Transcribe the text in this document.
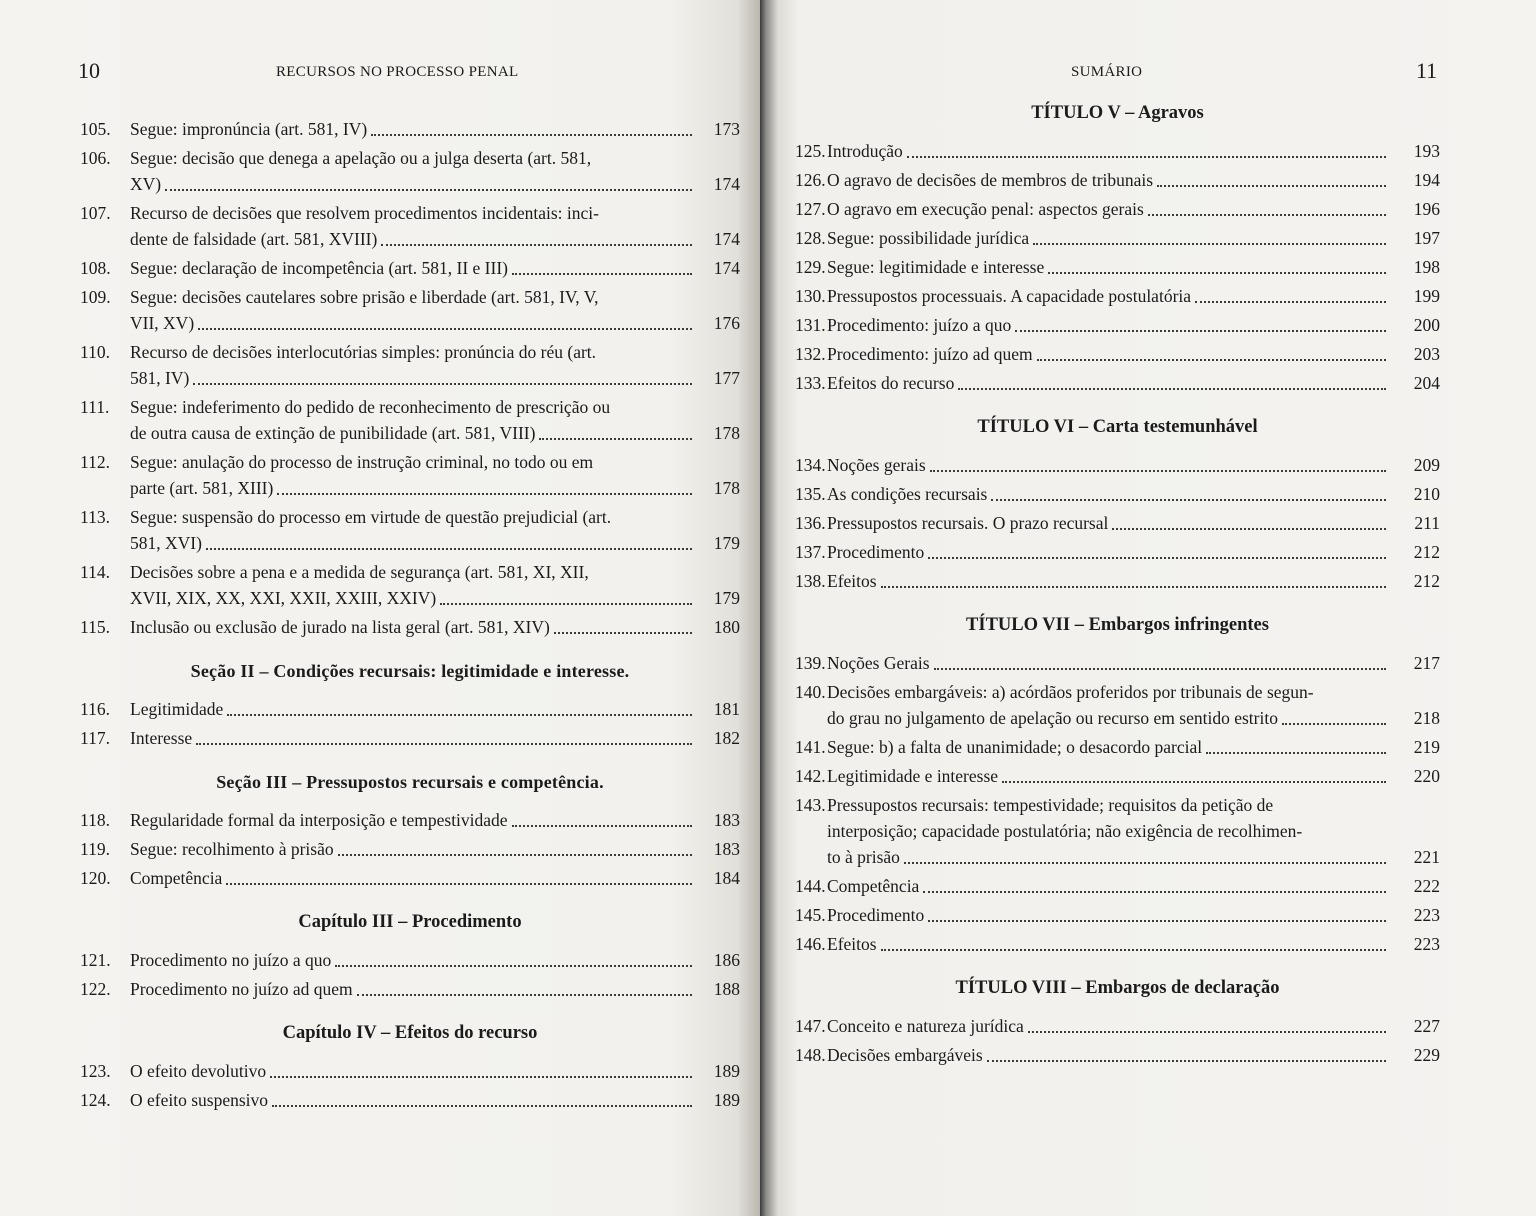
10	RECURSOS NO PROCESSO PENAL
105.	Segue: impronúncia (art. 581, IV)	173
106.	Segue: decisão que denega a apelação ou a julga deserta (art. 581,
XV)	174
107.	Recurso de decisões que resolvem procedimentos incidentais: inci-
dente de falsidade (art. 581, XVIII)	174
108.	Segue: declaração de incompetência (art. 581, II e III)	174
109.	Segue: decisões cautelares sobre prisão e liberdade (art. 581, IV, V,
VII, XV)	176
110.	Recurso de decisões interlocutórias simples: pronúncia do réu (art.
581, IV)	177
111.	Segue: indeferimento do pedido de reconhecimento de prescrição ou
de outra causa de extinção de punibilidade (art. 581, VIII)	178
112.	Segue: anulação do processo de instrução criminal, no todo ou em
parte (art. 581, XIII)	178
113.	Segue: suspensão do processo em virtude de questão prejudicial (art.
581, XVI)	179
114.	Decisões sobre a pena e a medida de segurança (art. 581, XI, XII,
XVII, XIX, XX, XXI, XXII, XXIII, XXIV)	179
115.	Inclusão ou exclusão de jurado na lista geral (art. 581, XIV)	180
Seção II – Condições recursais: legitimidade e interesse.
116.	Legitimidade	181
117.	Interesse	182
Seção III – Pressupostos recursais e competência.
118.	Regularidade formal da interposição e tempestividade	183
119.	Segue: recolhimento à prisão	183
120.	Competência	184
Capítulo III – Procedimento
121.	Procedimento no juízo a quo	186
122.	Procedimento no juízo ad quem	188
Capítulo IV – Efeitos do recurso
123.	O efeito devolutivo	189
124.	O efeito suspensivo	189
SUMÁRIO	11
TÍTULO V – Agravos
125. Introdução	193
126. O agravo de decisões de membros de tribunais	194
127. O agravo em execução penal: aspectos gerais	196
128. Segue: possibilidade jurídica	197
129. Segue: legitimidade e interesse	198
130. Pressupostos processuais. A capacidade postulatória	199
131. Procedimento: juízo a quo	200
132. Procedimento: juízo ad quem	203
133. Efeitos do recurso	204
TÍTULO VI – Carta testemunhável
134. Noções gerais	209
135. As condições recursais	210
136. Pressupostos recursais. O prazo recursal	211
137. Procedimento	212
138. Efeitos	212
TÍTULO VII – Embargos infringentes
139. Noções Gerais	217
140. Decisões embargáveis: a) acórdãos proferidos por tribunais de segun-
do grau no julgamento de apelação ou recurso em sentido estrito	218
141. Segue: b) a falta de unanimidade; o desacordo parcial	219
142. Legitimidade e interesse	220
143. Pressupostos recursais: tempestividade; requisitos da petição de
interposição; capacidade postulatória; não exigência de recolhimen-
to à prisão	221
144. Competência	222
145. Procedimento	223
146. Efeitos	223
TÍTULO VIII – Embargos de declaração
147. Conceito e natureza jurídica	227
148. Decisões embargáveis	229
